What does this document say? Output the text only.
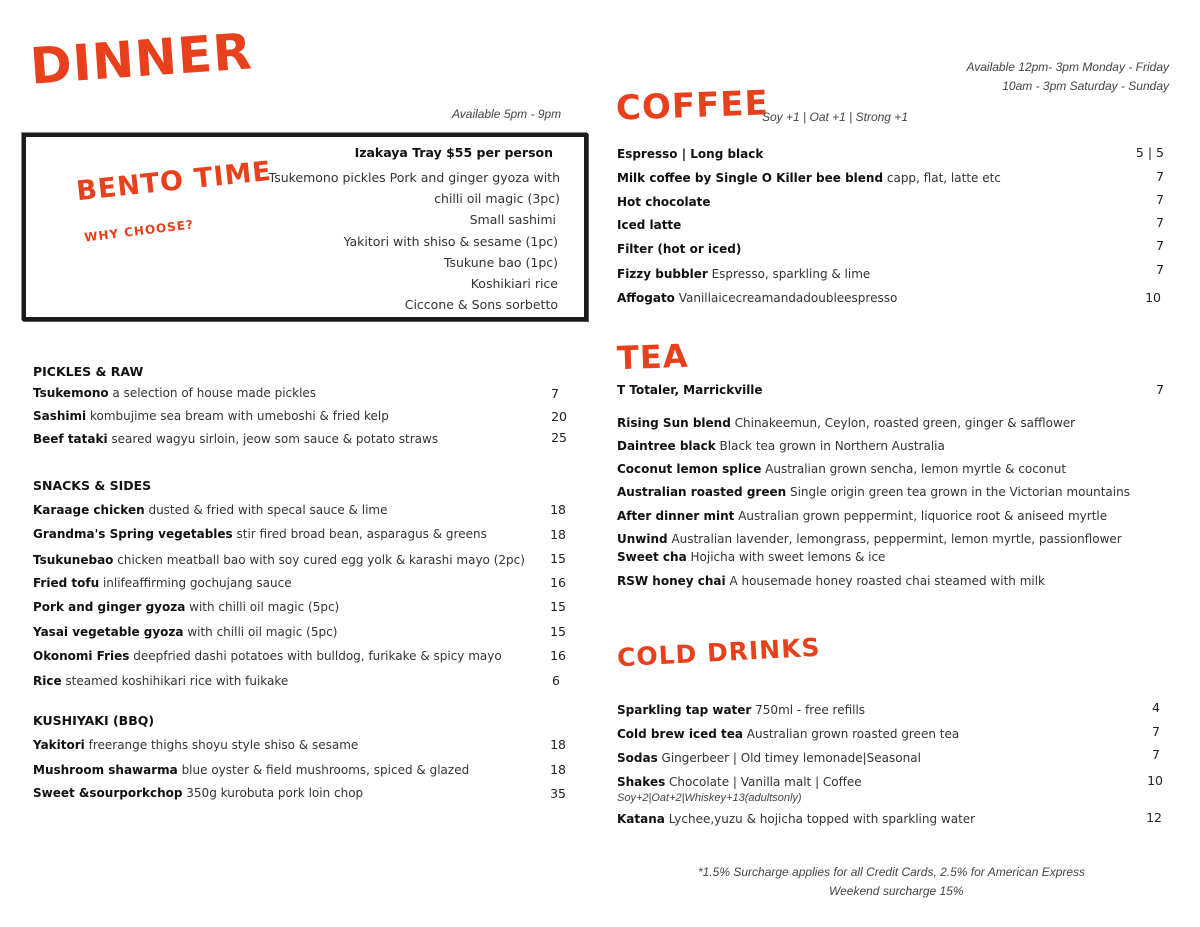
DINNER
Available 5pm - 9pm
BENTO TIME
WHY CHOOSE?
Izakaya Tray $55 per person
Tsukemono pickles Pork and ginger gyoza with
chilli oil magic (3pc)
Small sashimi
Yakitori with shiso & sesame (1pc)
Tsukune bao (1pc)
Koshikiari rice
Ciccone & Sons sorbetto
PICKLES & RAW
Tsukemono a selection of house made pickles	7
Sashimi kombujime sea bream with umeboshi & fried kelp	20
Beef tataki seared wagyu sirloin, jeow som sauce & potato straws	25
SNACKS & SIDES
Karaage chicken dusted & fried with specal sauce & lime	18
Grandma's Spring vegetables stir fired broad bean, asparagus & greens	18
Tsukunebao chicken meatball bao with soy cured egg yolk & karashi mayo (2pc)	15
Fried tofu inlifeaffirming gochujang sauce	16
Pork and ginger gyoza with chilli oil magic (5pc)	15
Yasai vegetable gyoza with chilli oil magic (5pc)	15
Okonomi Fries deepfried dashi potatoes with bulldog, furikake & spicy mayo	16
Rice steamed koshihikari rice with fuikake	6
KUSHIYAKI (BBQ)
Yakitori freerange thighs shoyu style shiso & sesame	18
Mushroom shawarma blue oyster & field mushrooms, spiced & glazed	18
Sweet &sourporkchop 350g kurobuta pork loin chop	35
Available 12pm- 3pm Monday - Friday
10am - 3pm Saturday - Sunday
COFFEE
Soy +1 | Oat +1 | Strong +1
Espresso | Long black	5 | 5
Milk coffee by Single O Killer bee blend capp, flat, latte etc	7
Hot chocolate	7
Iced latte	7
Filter (hot or iced)	7
Fizzy bubbler Espresso, sparkling & lime	7
Affogato Vanillaicecreamandadoubleespresso	10
TEA
T Totaler, Marrickville	7
Rising Sun blend Chinakeemun, Ceylon, roasted green, ginger & safflower
Daintree black Black tea grown in Northern Australia
Coconut lemon splice Australian grown sencha, lemon myrtle & coconut
Australian roasted green Single origin green tea grown in the Victorian mountains
After dinner mint Australian grown peppermint, liquorice root & aniseed myrtle
Unwind Australian lavender, lemongrass, peppermint, lemon myrtle, passionflower
Sweet cha Hojicha with sweet lemons & ice
RSW honey chai A housemade honey roasted chai steamed with milk
COLD DRINKS
Sparkling tap water 750ml - free refills	4
Cold brew iced tea Australian grown roasted green tea	7
Sodas Gingerbeer | Old timey lemonade|Seasonal	7
Shakes Chocolate | Vanilla malt | Coffee	10
Soy+2|Oat+2|Whiskey+13(adultsonly)
Katana Lychee,yuzu & hojicha topped with sparkling water	12
*1.5% Surcharge applies for all Credit Cards, 2.5% for American Express
Weekend surcharge 15%
